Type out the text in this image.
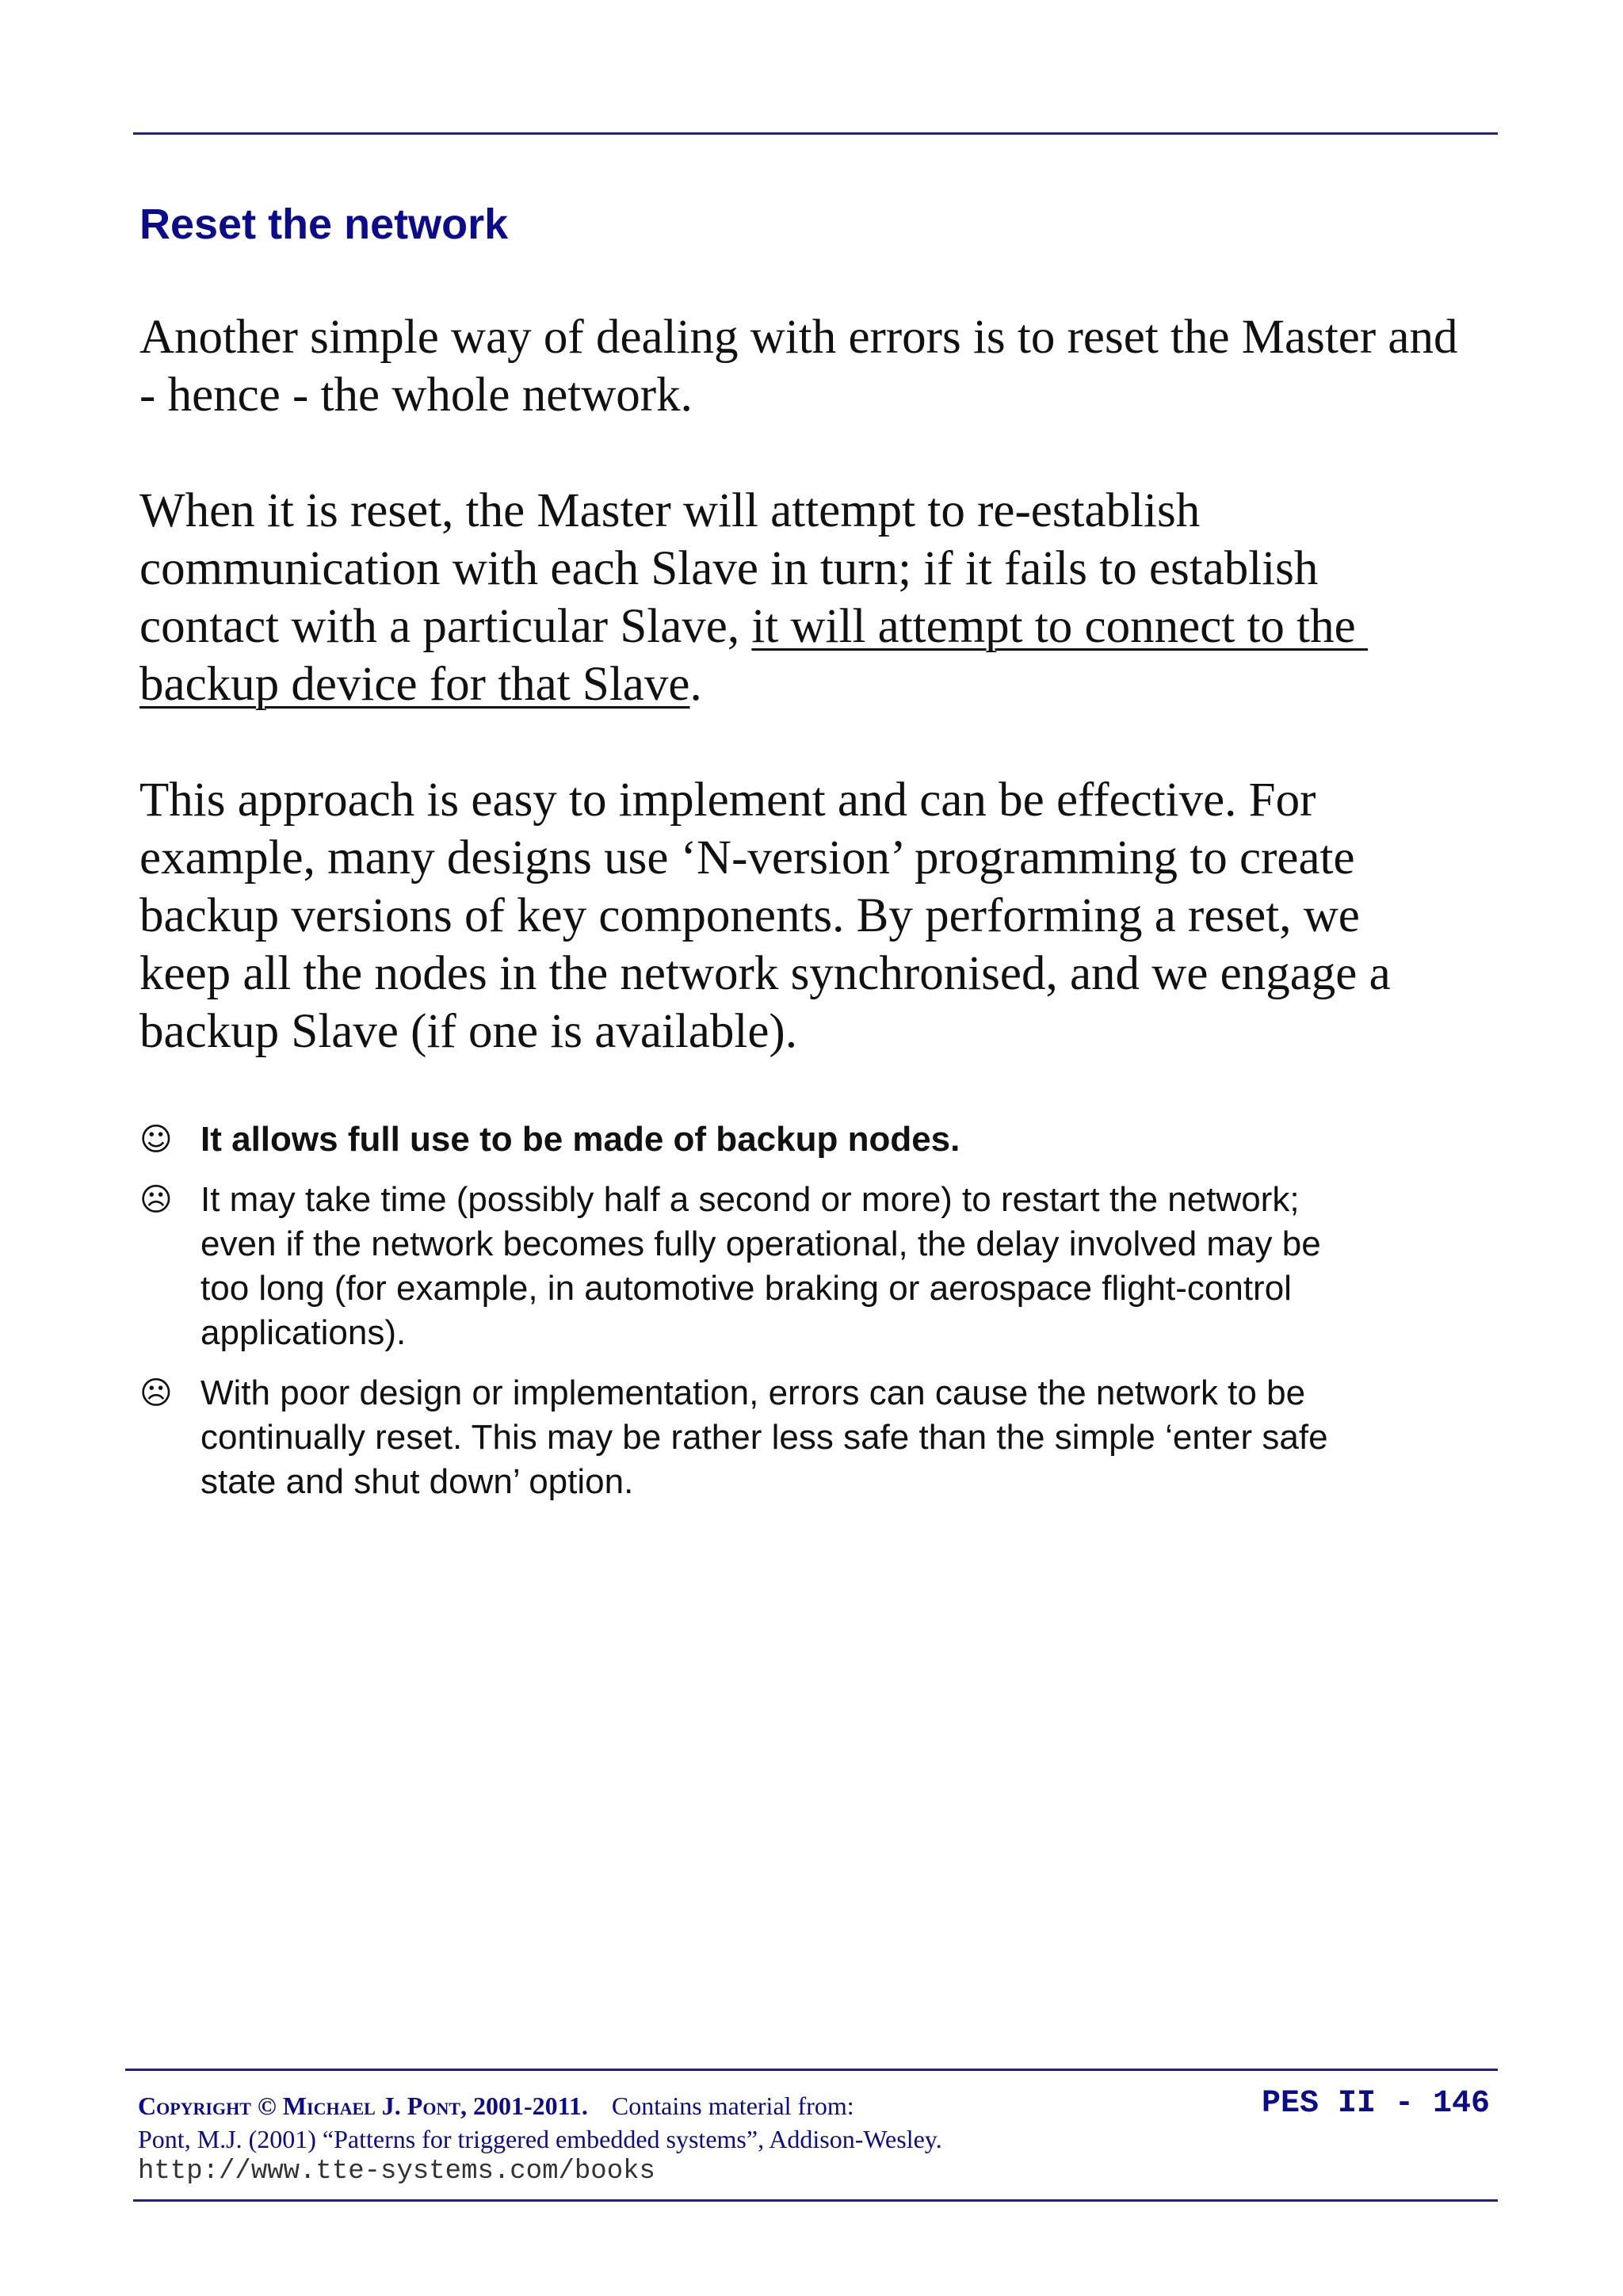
Reset the network
Another simple way of dealing with errors is to reset the Master and
- hence - the whole network.
When it is reset, the Master will attempt to re-establish
communication with each Slave in turn; if it fails to establish
contact with a particular Slave, it will attempt to connect to the
backup device for that Slave.
This approach is easy to implement and can be effective. For
example, many designs use ‘N-version’ programming to create
backup versions of key components. By performing a reset, we
keep all the nodes in the network synchronised, and we engage a
backup Slave (if one is available).
☺ It allows full use to be made of backup nodes.
☹ It may take time (possibly half a second or more) to restart the network;
even if the network becomes fully operational, the delay involved may be
too long (for example, in automotive braking or aerospace flight-control
applications).
☹ With poor design or implementation, errors can cause the network to be
continually reset. This may be rather less safe than the simple ‘enter safe
state and shut down’ option.
Copyright © Michael J. Pont, 2001-2011. Contains material from:
Pont, M.J. (2001) “Patterns for triggered embedded systems”, Addison-Wesley.
http://www.tte-systems.com/books
PES II - 146
